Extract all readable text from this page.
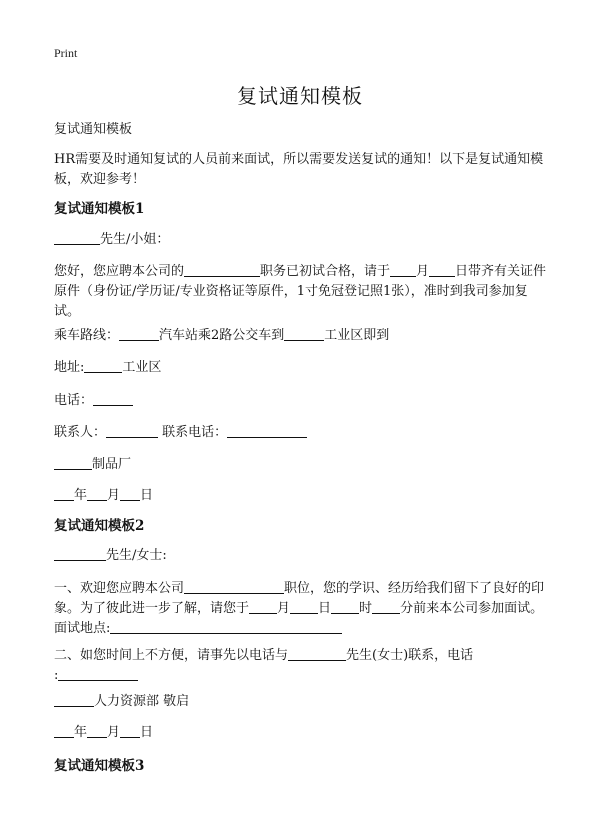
Print
复试通知模板

复试通知模板

HR需要及时通知复试的人员前来面试，所以需要发送复试的通知！以下是复试通知模板，欢迎参考！

复试通知模板1

先生/小姐：

您好，您应聘本公司的	职务已初试合格，请于 月 日带齐有关证件原件（身份证/学历证/专业资格证等原件，1寸免冠登记照1张），准时到我司参加复试。

乘车路线：	汽车站乘2路公交车到	工业区即到

地址:	工业区

电话：

联系人：	联系电话：

制品厂

年 月 日

复试通知模板2

先生/女士:

一、欢迎您应聘本公司	职位，您的学识、经历给我们留下了良好的印象。为了彼此进一步了解，请您于 月 日 时 分前来本公司参加面试。面试地点:

二、如您时间上不方便，请事先以电话与	先生(女士)联系，电话
:

人力资源部 敬启

年 月 日

复试通知模板3
